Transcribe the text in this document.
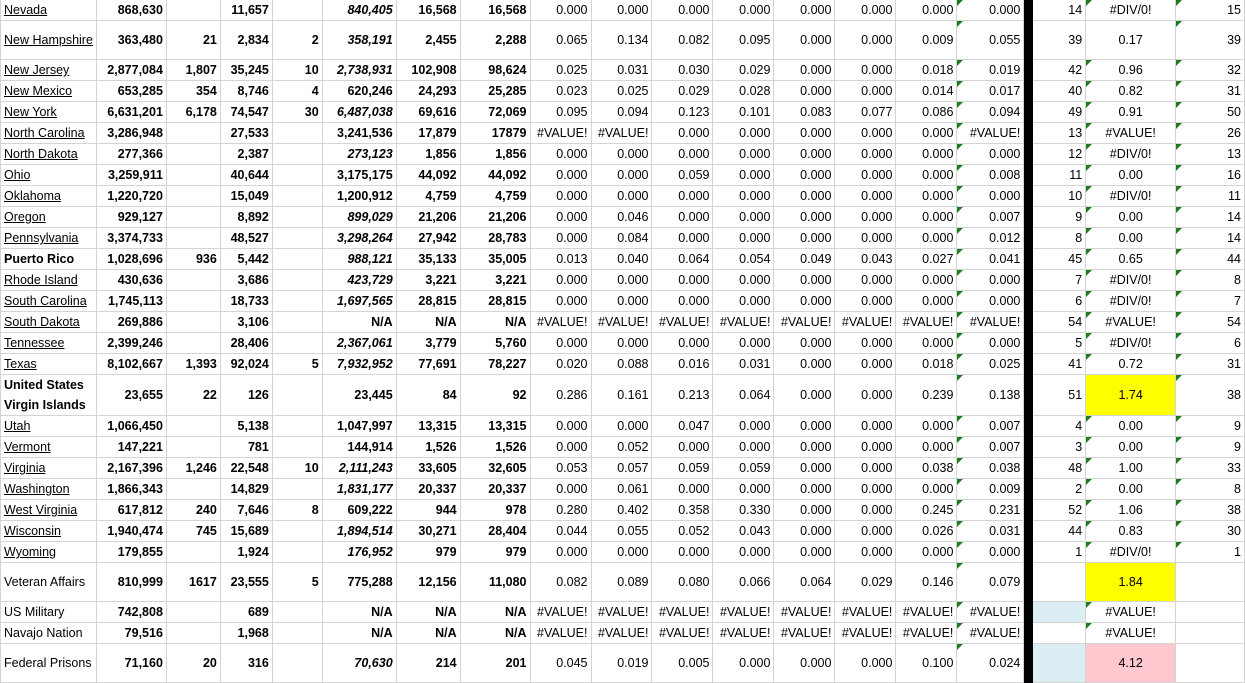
Nevada	868,630		11,657		840,405	16,568	16,568	0.000	0.000	0.000	0.000	0.000	0.000	0.000	0.000		14	#DIV/0!	15
New Hampshire	363,480	21	2,834	2	358,191	2,455	2,288	0.065	0.134	0.082	0.095	0.000	0.000	0.009	0.055		39	0.17	39
New Jersey	2,877,084	1,807	35,245	10	2,738,931	102,908	98,624	0.025	0.031	0.030	0.029	0.000	0.000	0.018	0.019		42	0.96	32
New Mexico	653,285	354	8,746	4	620,246	24,293	25,285	0.023	0.025	0.029	0.028	0.000	0.000	0.014	0.017		40	0.82	31
New York	6,631,201	6,178	74,547	30	6,487,038	69,616	72,069	0.095	0.094	0.123	0.101	0.083	0.077	0.086	0.094		49	0.91	50
North Carolina	3,286,948		27,533		3,241,536	17,879	17879	#VALUE!	#VALUE!	0.000	0.000	0.000	0.000	0.000	#VALUE!		13	#VALUE!	26
North Dakota	277,366		2,387		273,123	1,856	1,856	0.000	0.000	0.000	0.000	0.000	0.000	0.000	0.000		12	#DIV/0!	13
Ohio	3,259,911		40,644		3,175,175	44,092	44,092	0.000	0.000	0.059	0.000	0.000	0.000	0.000	0.008		11	0.00	16
Oklahoma	1,220,720		15,049		1,200,912	4,759	4,759	0.000	0.000	0.000	0.000	0.000	0.000	0.000	0.000		10	#DIV/0!	11
Oregon	929,127		8,892		899,029	21,206	21,206	0.000	0.046	0.000	0.000	0.000	0.000	0.000	0.007		9	0.00	14
Pennsylvania	3,374,733		48,527		3,298,264	27,942	28,783	0.000	0.084	0.000	0.000	0.000	0.000	0.000	0.012		8	0.00	14
Puerto Rico	1,028,696	936	5,442		988,121	35,133	35,005	0.013	0.040	0.064	0.054	0.049	0.043	0.027	0.041		45	0.65	44
Rhode Island	430,636		3,686		423,729	3,221	3,221	0.000	0.000	0.000	0.000	0.000	0.000	0.000	0.000		7	#DIV/0!	8
South Carolina	1,745,113		18,733		1,697,565	28,815	28,815	0.000	0.000	0.000	0.000	0.000	0.000	0.000	0.000		6	#DIV/0!	7
South Dakota	269,886		3,106		N/A	N/A	N/A	#VALUE!	#VALUE!	#VALUE!	#VALUE!	#VALUE!	#VALUE!	#VALUE!	#VALUE!		54	#VALUE!	54
Tennessee	2,399,246		28,406		2,367,061	3,779	5,760	0.000	0.000	0.000	0.000	0.000	0.000	0.000	0.000		5	#DIV/0!	6
Texas	8,102,667	1,393	92,024	5	7,932,952	77,691	78,227	0.020	0.088	0.016	0.031	0.000	0.000	0.018	0.025		41	0.72	31
United States Virgin Islands	23,655	22	126		23,445	84	92	0.286	0.161	0.213	0.064	0.000	0.000	0.239	0.138		51	1.74	38
Utah	1,066,450		5,138		1,047,997	13,315	13,315	0.000	0.000	0.047	0.000	0.000	0.000	0.000	0.007		4	0.00	9
Vermont	147,221		781		144,914	1,526	1,526	0.000	0.052	0.000	0.000	0.000	0.000	0.000	0.007		3	0.00	9
Virginia	2,167,396	1,246	22,548	10	2,111,243	33,605	32,605	0.053	0.057	0.059	0.059	0.000	0.000	0.038	0.038		48	1.00	33
Washington	1,866,343		14,829		1,831,177	20,337	20,337	0.000	0.061	0.000	0.000	0.000	0.000	0.000	0.009		2	0.00	8
West Virginia	617,812	240	7,646	8	609,222	944	978	0.280	0.402	0.358	0.330	0.000	0.000	0.245	0.231		52	1.06	38
Wisconsin	1,940,474	745	15,689		1,894,514	30,271	28,404	0.044	0.055	0.052	0.043	0.000	0.000	0.026	0.031		44	0.83	30
Wyoming	179,855		1,924		176,952	979	979	0.000	0.000	0.000	0.000	0.000	0.000	0.000	0.000		1	#DIV/0!	1
Veteran Affairs	810,999	1617	23,555	5	775,288	12,156	11,080	0.082	0.089	0.080	0.066	0.064	0.029	0.146	0.079			1.84	
US Military	742,808		689		N/A	N/A	N/A	#VALUE!	#VALUE!	#VALUE!	#VALUE!	#VALUE!	#VALUE!	#VALUE!	#VALUE!			#VALUE!	
Navajo Nation	79,516		1,968		N/A	N/A	N/A	#VALUE!	#VALUE!	#VALUE!	#VALUE!	#VALUE!	#VALUE!	#VALUE!	#VALUE!			#VALUE!	
Federal Prisons	71,160	20	316		70,630	214	201	0.045	0.019	0.005	0.000	0.000	0.000	0.100	0.024			4.12	
